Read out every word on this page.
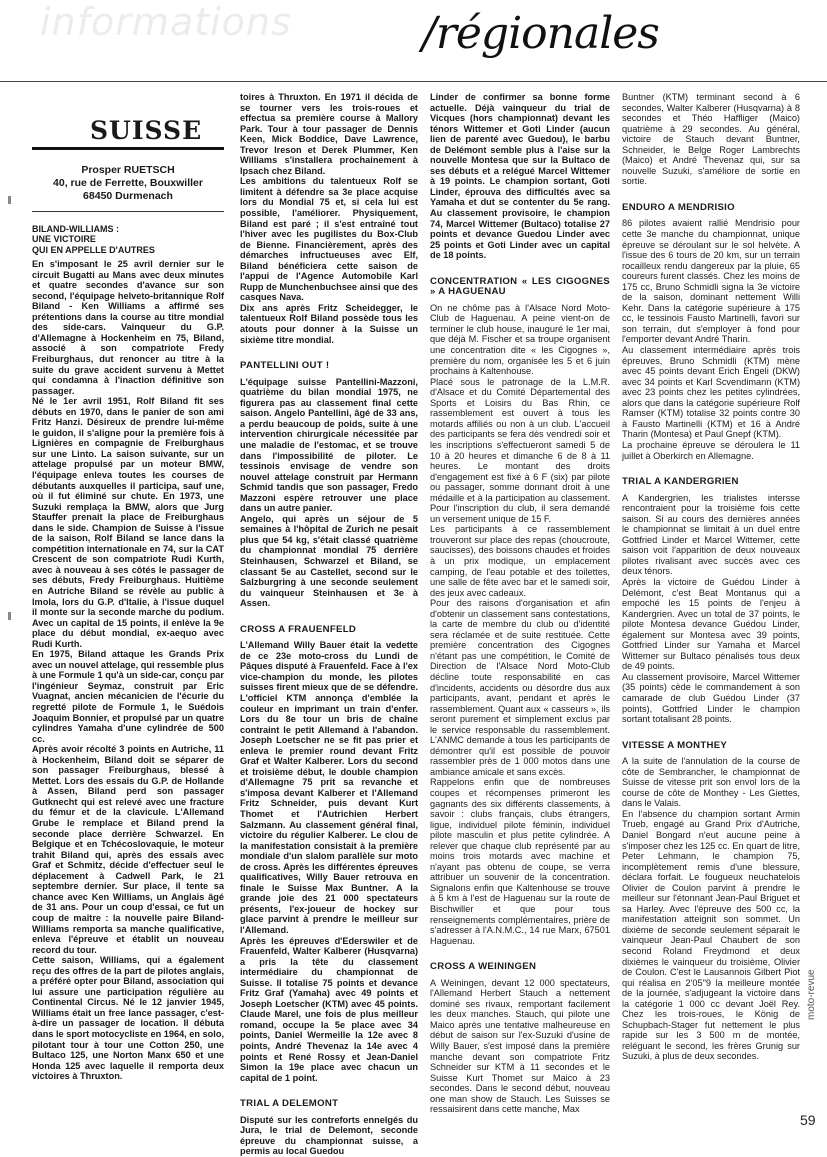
informations	/régionales
SUISSE
Prosper RUETSCH
40, rue de Ferrette, Bouxwiller
68450 Durmenach
BILAND-WILLIAMS :
UNE VICTOIRE
QUI EN APPELLE D'AUTRES

En s'imposant le 25 avril dernier sur le circuit Bugatti au Mans avec deux minutes et quatre secondes d'avance sur son second, l'équipage helveto-britannique Rolf Biland - Ken Williams a affirmé ses prétentions dans la course au titre mondial des side-cars. Vainqueur du G.P. d'Allemagne à Hockenheim en 75, Biland, associé à son compatriote Fredy Freiburghaus, dut renoncer au titre à la suite du grave accident survenu à Mettet qui condamna à l'inaction définitive son passager.

Né le 1er avril 1951, Rolf Biland fit ses débuts en 1970, dans le panier de son ami Fritz Hanzi. Désireux de prendre lui-même le guidon, il s'aligne pour la première fois à Lignières en compagnie de Freiburghaus sur une Linto. La saison suivante, sur un attelage propulsé par un moteur BMW, l'équipage enleva toutes les courses de débutants auxquelles il participa, sauf une, où il fut éliminé sur chute. En 1973, une Suzuki remplaça la BMW, alors que Jurg Stauffer prenait la place de Freiburghaus dans le side. Champion de Suisse à l'issue de la saison, Rolf Biland se lance dans la compétition internationale en 74, sur la CAT Crescent de son compatriote Rudi Kurth, avec à nouveau à ses côtés le passager de ses débuts, Fredy Freiburghaus. Huitième en Autriche Biland se révèle au public à Imola, lors du G.P. d'Italie, à l'issue duquel il monte sur la seconde marche du podium. Avec un capital de 15 points, il enlève la 9e place du début mondial, ex-aequo avec Rudi Kurth.

En 1975, Biland attaque les Grands Prix avec un nouvel attelage, qui ressemble plus à une Formule 1 qu'à un side-car, conçu par l'ingénieur Seymaz, construit par Eric Vuagnat, ancien mécanicien de l'écurie du regretté pilote de Formule 1, le Suédois Joaquim Bonnier, et propulsé par un quatre cylindres Yamaha d'une cylindrée de 500 cc.

Après avoir récolté 3 points en Autriche, 11 à Hockenheim, Biland doit se séparer de son passager Freiburghaus, blessé à Mettet. Lors des essais du G.P. de Hollande à Assen, Biland perd son passager Gutknecht qui est relevé avec une fracture du fémur et de la clavicule. L'Allemand Grube le remplace et Biland prend la seconde place derrière Schwarzel. En Belgique et en Tchécoslovaquie, le moteur trahit Biland qui, après des essais avec Graf et Schmitz, décide d'effectuer seul le déplacement à Cadwell Park, le 21 septembre dernier. Sur place, il tente sa chance avec Ken Williams, un Anglais âgé de 31 ans. Pour un coup d'essai, ce fut un coup de maître : la nouvelle paire Biland-Williams remporta sa manche qualificative, enleva l'épreuve et établit un nouveau record du tour.

Cette saison, Williams, qui a également reçu des offres de la part de pilotes anglais, a préféré opter pour Biland, association qui lui assure une participation régulière au Continental Circus. Né le 12 janvier 1945, Williams était un free lance passager, c'est-à-dire un passager de location. Il débuta dans le sport motocycliste en 1964, en solo, pilotant tour à tour une Cotton 250, une Bultaco 125, une Norton Manx 650 et une Honda 125 avec laquelle il remporta deux victoires à Thruxton.

toires à Thruxton. En 1971 il décida de se tourner vers les trois-roues et effectua sa première course à Mallory Park. Tour à tour passager de Dennis Keen, Mick Boddice, Dave Lawrence, Trevor Ireson et Derek Plummer, Ken Williams s'installera prochainement à Ipsach chez Biland.

Les ambitions du talentueux Rolf se limitent à défendre sa 3e place acquise lors du Mondial 75 et, si cela lui est possible, l'améliorer. Physiquement, Biland est paré ; il s'est entraîné tout l'hiver avec les pugilistes du Box-Club de Bienne. Financièrement, après des démarches infructueuses avec Elf, Biland bénéficiera cette saison de l'appui de l'Agence Automobile Karl Rupp de Munchenbuchsee ainsi que des casques Nava.

Dix ans après Fritz Scheidegger, le talentueux Rolf Biland possède tous les atouts pour donner à la Suisse un sixième titre mondial.

PANTELLINI OUT !

L'équipage suisse Pantellini-Mazzoni, quatrième du bilan mondial 1975, ne figurera pas au classement final cette saison. Angelo Pantellini, âgé de 33 ans, a perdu beaucoup de poids, suite à une intervention chirurgicale nécessitée par une maladie de l'estomac, et se trouve dans l'impossibilité de piloter. Le tessinois envisage de vendre son nouvel attelage construit par Hermann Schmid tandis que son passager, Fredo Mazzoni espère retrouver une place dans un autre panier.

Angelo, qui après un séjour de 5 semaines à l'hôpital de Zurich ne pesait plus que 54 kg, s'était classé quatrième du championnat mondial 75 derrière Steinhausen, Schwarzel et Biland, se classant 5e au Castellet, second sur le Salzburgring à une seconde seulement du vainqueur Steinhausen et 3e à Assen.

CROSS A FRAUENFELD

L'Allemand Willy Bauer était la vedette de ce 23e moto-cross du Lundi de Pâques disputé à Frauenfeld. Face à l'ex vice-champion du monde, les pilotes suisses firent mieux que de se défendre. L'officiel KTM annonça d'emblée la couleur en imprimant un train d'enfer. Lors du 8e tour un bris de chaîne contraint le petit Allemand à l'abandon. Joseph Loetscher ne se fit pas prier et enleva le premier round devant Fritz Graf et Walter Kalberer. Lors du second et troisième début, le double champion d'Allemagne 75 prit sa revanche et s'imposa devant Kalberer et l'Allemand Fritz Schneider, puis devant Kurt Thomet et l'Autrichien Herbert Salzmann. Au classement général final, victoire du régulier Kalberer. Le clou de la manifestation consistait à la première mondiale d'un slalom parallèle sur moto de cross. Après les différentes épreuves qualificatives, Willy Bauer retrouva en finale le Suisse Max Buntner. A la grande joie des 21 000 spectateurs présents, l'ex-joueur de hockey sur glace parvint à prendre le meilleur sur l'Allemand.

Après les épreuves d'Ederswiler et de Frauenfeld, Walter Kalberer (Husqvarna) a pris la tête du classement intermédiaire du championnat de Suisse. Il totalise 75 points et devance Fritz Graf (Yamaha) avec 49 points et Joseph Loetscher (KTM) avec 45 points. Claude Marel, une fois de plus meilleur romand, occupe la 5e place avec 34 points, Daniel Wermeille la 12e avec 8 points, André Thevenaz la 14e avec 4 points et René Rossy et Jean-Daniel Simon la 19e place avec chacun un capital de 1 point.

TRIAL A DELEMONT

Disputé sur les contreforts ennelgés du Jura, le trial de Delemont, seconde épreuve du championnat suisse, a permis au local Guedou

Linder de confirmer sa bonne forme actuelle. Déjà vainqueur du trial de Vicques (hors championnat) devant les ténors Wittemer et Goti Linder (aucun lien de parenté avec Guedou), le barbu de Delémont semble plus à l'aise sur la nouvelle Montesa que sur la Bultaco de ses débuts et a relégué Marcel Wittemer à 19 points. Le champion sortant, Goti Linder, éprouva des difficultés avec sa Yamaha et dut se contenter du 5e rang. Au classement provisoire, le champion 74, Marcel Wittemer (Bultaco) totalise 27 points et devance Guedou Linder avec 25 points et Goti Linder avec un capital de 18 points.

CONCENTRATION « LES CIGOGNES » A HAGUENAU

On ne chôme pas à l'Alsace Nord Moto-Club de Haguenau. A peine vient-on de terminer le club house, inauguré le 1er mai, que déjà M. Fischer et sa troupe organisent une concentration dite « les Cigognes », première du nom, organisée les 5 et 6 juin prochains à Kaltenhouse.

Placé sous le patronage de la L.M.R. d'Alsace et du Comité Départemental des Sports et Loisirs du Bas Rhin, ce rassemblement est ouvert à tous les motards affiliés ou non à un club. L'accueil des participants se fera dès vendredi soir et les inscriptions s'effectueront samedi 5 de 10 à 20 heures et dimanche 6 de 8 à 11 heures. Le montant des droits d'engagement est fixé à 6 F (six) par pilote ou passager, somme donnant droit à une médaille et à la participation au classement. Pour l'inscription du club, il sera demandé un versement unique de 15 F.

Les participants à ce rassemblement trouveront sur place des repas (choucroute, saucisses), des boissons chaudes et froides à un prix modique, un emplacement camping, de l'eau potable et des toilettes, une salle de fête avec bar et le samedi soir, des jeux avec cadeaux.

Pour des raisons d'organisation et afin d'obtenir un classement sans contestations, la carte de membre du club ou d'identité sera réclamée et de suite restituée. Cette première concentration des Cigognes n'étant pas une compétition, le Comité de Direction de l'Alsace Nord Moto-Club décline toute responsabilité en cas d'incidents, accidents ou désordre dus aux participants, avant, pendant et après le rassemblement. Quant aux « casseurs », ils seront purement et simplement exclus par le service responsable du rassemblement. L'ANMC demande à tous les participants de démontrer qu'il est possible de pouvoir rassembler près de 1 000 motos dans une ambiance amicale et sans excès.

Rappelons enfin que de nombreuses coupes et récompenses primeront les gagnants des six différents classements, à savoir : clubs français, clubs étrangers, ligue, individuel pilote féminin, individuel pilote masculin et plus petite cylindrée. A relever que chaque club représenté par au moins trois motards avec machine et n'ayant pas obtenu de coupe, se verra attribuer un souvenir de la concentration. Signalons enfin que Kaltenhouse se trouve à 5 km à l'est de Haguenau sur la route de Bischwiller et que pour tous renseignements complémentaires, prière de s'adresser à l'A.N.M.C., 14 rue Marx, 67501 Haguenau.

CROSS A WEININGEN

A Weiningen, devant 12 000 spectateurs, l'Allemand Herbert Stauch a nettement dominé ses rivaux, remportant facilement les deux manches. Stauch, qui pilote une Maico après une tentative malheureuse en début de saison sur l'ex-Suzuki d'usine de Willy Bauer, s'est imposé dans la première manche devant son compatriote Fritz Schneider sur KTM à 11 secondes et le Suisse Kurt Thomet sur Maico à 23 secondes. Dans le second début, nouveau one man show de Stauch. Les Suisses se ressaisirent dans cette manche, Max

Buntner (KTM) terminant second à 6 secondes, Walter Kalberer (Husqvarna) à 8 secondes et Théo Haffliger (Maico) quatrième à 29 secondes. Au général, victoire de Stauch devant Buntner, Schneider, le Belge Roger Lambrechts (Maico) et André Thevenaz qui, sur sa nouvelle Suzuki, s'améliore de sortie en sortie.

ENDURO A MENDRISIO

86 pilotes avaient rallié Mendrisio pour cette 3e manche du championnat, unique épreuve se déroulant sur le sol helvète. A l'issue des 6 tours de 20 km, sur un terrain rocailleux rendu dangereux par la pluie, 65 coureurs furent classés. Chez les moins de 175 cc, Bruno Schmidli signa la 3e victoire de la saison, dominant nettement Willi Kehr. Dans la catégorie supérieure à 175 cc, le tessinois Fausto Martinelli, favori sur son terrain, dut s'employer à fond pour l'emporter devant André Tharin.

Au classement intermédiaire après trois épreuves, Bruno Schmidli (KTM) mène avec 45 points devant Erich Engeli (DKW) avec 34 points et Karl Scvendimann (KTM) avec 23 points chez les petites cylindrées, alors que dans la catégorie supérieure Rolf Ramser (KTM) totalise 32 points contre 30 à Fausto Martinelli (KTM) et 16 à André Tharin (Montesa) et Paul Gnepf (KTM).

La prochaine épreuve se déroulera le 11 juillet à Oberkirch en Allemagne.

TRIAL A KANDERGRIEN

A Kandergrien, les trialistes intersse rencontraient pour la troisième fois cette saison. Si au cours des dernières années le championnat se limitait à un duel entre Gottfried Linder et Marcel Wittemer, cette saison voit l'apparition de deux nouveaux pilotes rivalisant avec succès avec ces deux ténors.

Après la victoire de Guédou Linder à Delémont, c'est Beat Montanus qui a empoché les 15 points de l'enjeu à Kandergrien. Avec un total de 37 points, le pilote Montesa devance Guédou Linder, également sur Montesa avec 39 points, Gottfried Linder sur Yamaha et Marcel Wittemer sur Bultaco pénalisés tous deux de 49 points.

Au classement provisoire, Marcel Wittemer (35 points) cède le commandement à son camarade de club Guédou Linder (37 points), Gottfried Linder le champion sortant totalisant 28 points.

VITESSE A MONTHEY

A la suite de l'annulation de la course de côte de Sembrancher, le championnat de Suisse de vitesse prit son envol lors de la course de côte de Monthey - Les Giettes, dans le Valais.

En l'absence du champion sortant Armin Trueb, engagé au Grand Prix d'Autriche, Daniel Bongard n'eut aucune peine à s'imposer chez les 125 cc. En quart de litre, Peter Lehmann, le champion 75, incomplètement remis d'une blessure, déclara forfait. Le fougueux neuchatelois Olivier de Coulon parvint à prendre le meilleur sur l'étonnant Jean-Paul Briguet et sa Harley. Avec l'épreuve des 500 cc, la manifestation atteignit son sommet. Un dixième de seconde seulement séparait le vainqueur Jean-Paul Chaubert de son second Roland Freydmond et deux dixièmes le vainqueur du troisième, Olivier de Coulon. C'est le Lausannois Gilbert Piot qui réalisa en 2'05"9 la meilleure montée de la journée, s'adjugeant la victoire dans la catégorie 1 000 cc devant Joël Rey. Chez les trois-roues, le König de Schupbach-Stager fut nettement le plus rapide sur les 3 500 m de montée, reléguant le second, les frères Grunig sur Suzuki, à plus de deux secondes.

moto-revue
59
